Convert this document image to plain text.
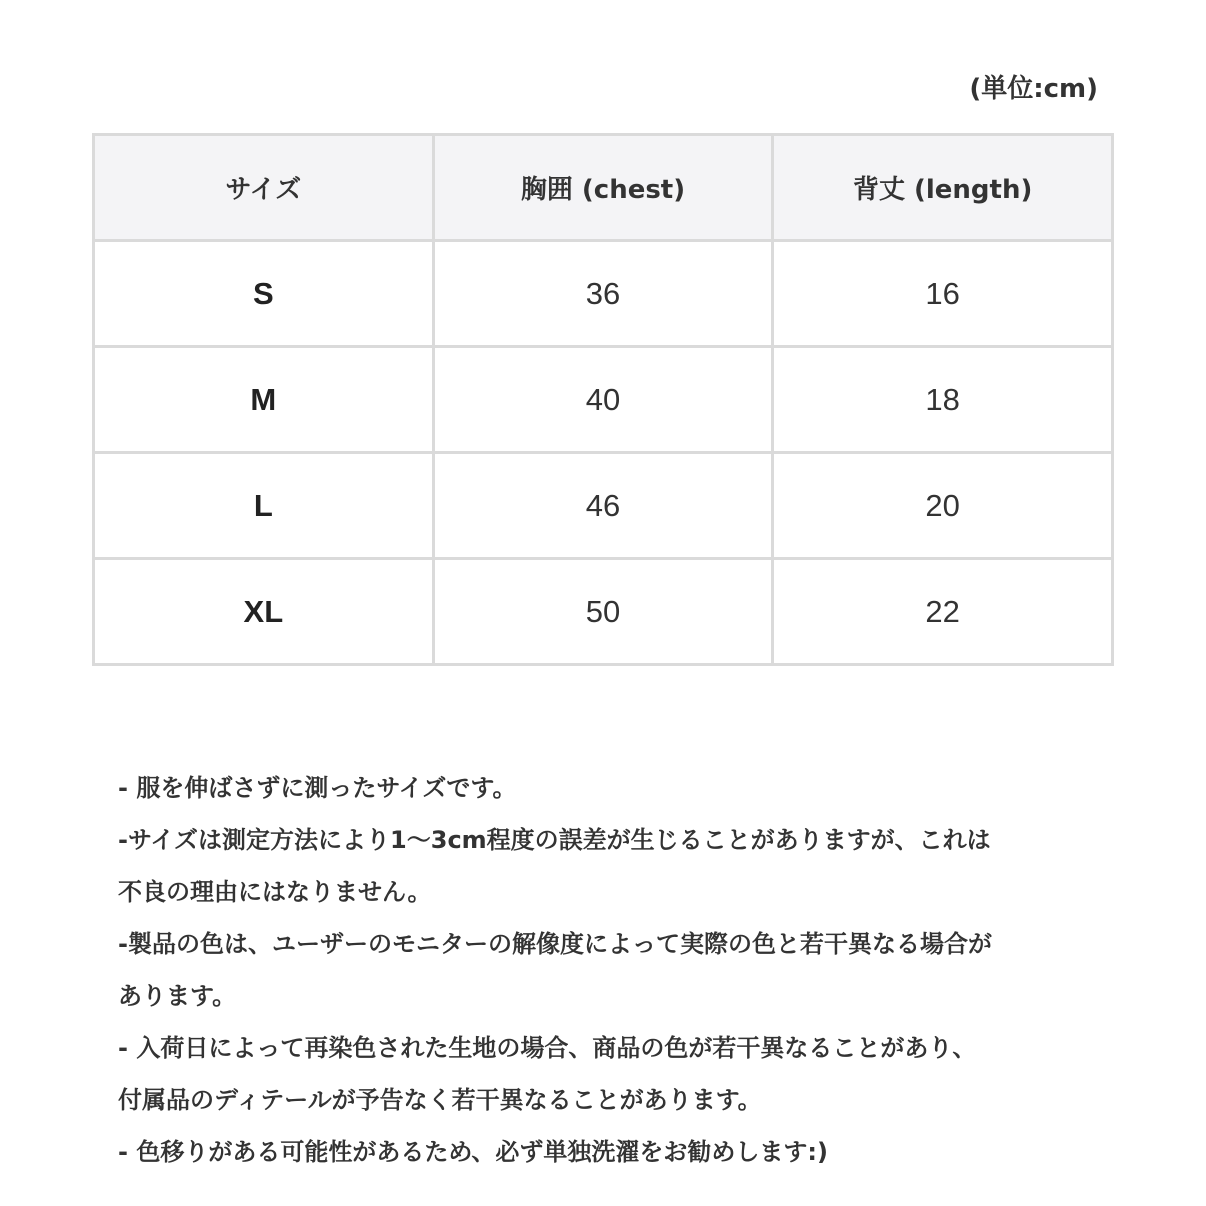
(単位:cm)
サイズ	胸囲 (chest)	背丈 (length)
S	36	16
M	40	18
L	46	20
XL	50	22
- 服を伸ばさずに測ったサイズです。
-サイズは測定方法により1～3cm程度の誤差が生じることがありますが、これは
不良の理由にはなりません。
-製品の色は、ユーザーのモニターの解像度によって実際の色と若干異なる場合が
あります。
- 入荷日によって再染色された生地の場合、商品の色が若干異なることがあり、
付属品のディテールが予告なく若干異なることがあります。
- 色移りがある可能性があるため、必ず単独洗濯をお勧めします:)
